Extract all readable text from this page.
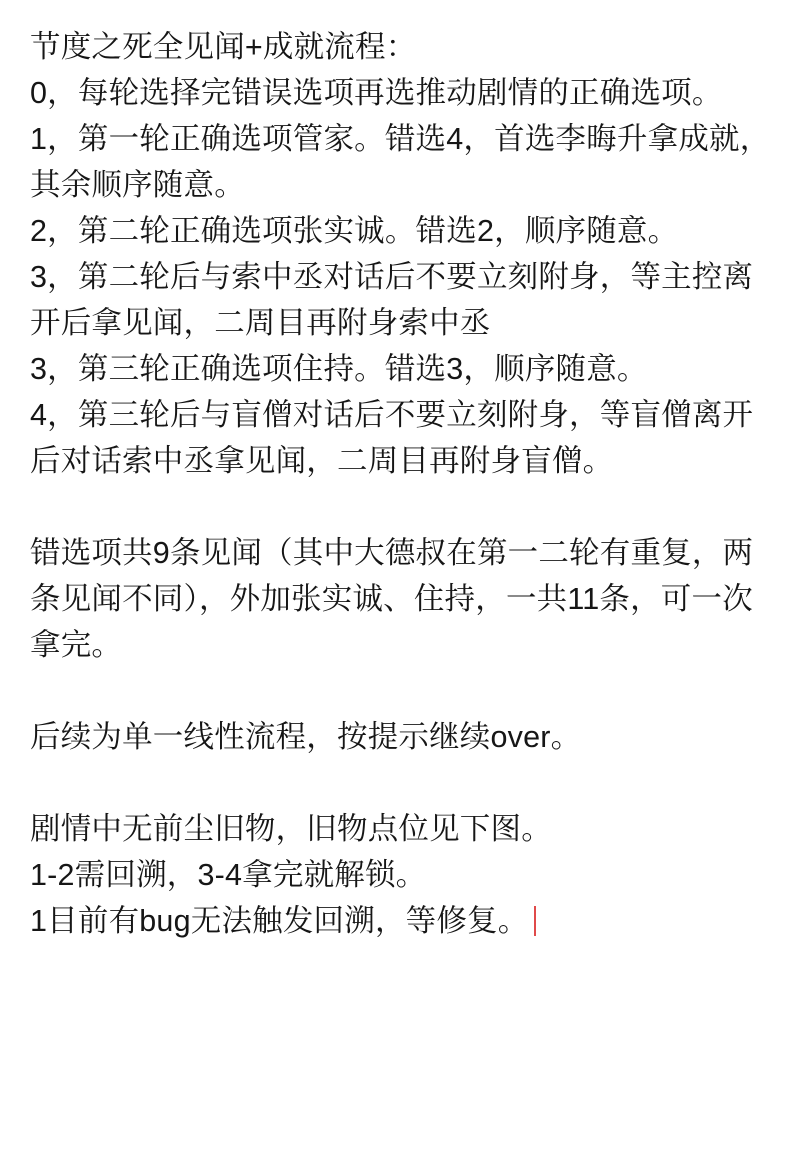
节度之死全见闻+成就流程：

0，每轮选择完错误选项再选推动剧情的正确选项。

1，第一轮正确选项管家。错选4，首选李晦升拿成就，其余顺序随意。

2，第二轮正确选项张实诚。错选2，顺序随意。

3，第二轮后与索中丞对话后不要立刻附身，等主控离开后拿见闻，二周目再附身索中丞

3，第三轮正确选项住持。错选3，顺序随意。

4，第三轮后与盲僧对话后不要立刻附身，等盲僧离开后对话索中丞拿见闻，二周目再附身盲僧。

错选项共9条见闻（其中大德叔在第一二轮有重复，两条见闻不同），外加张实诚、住持，一共11条，可一次拿完。

后续为单一线性流程，按提示继续over。

剧情中无前尘旧物，旧物点位见下图。

1-2需回溯，3-4拿完就解锁。

1目前有bug无法触发回溯，等修复。
